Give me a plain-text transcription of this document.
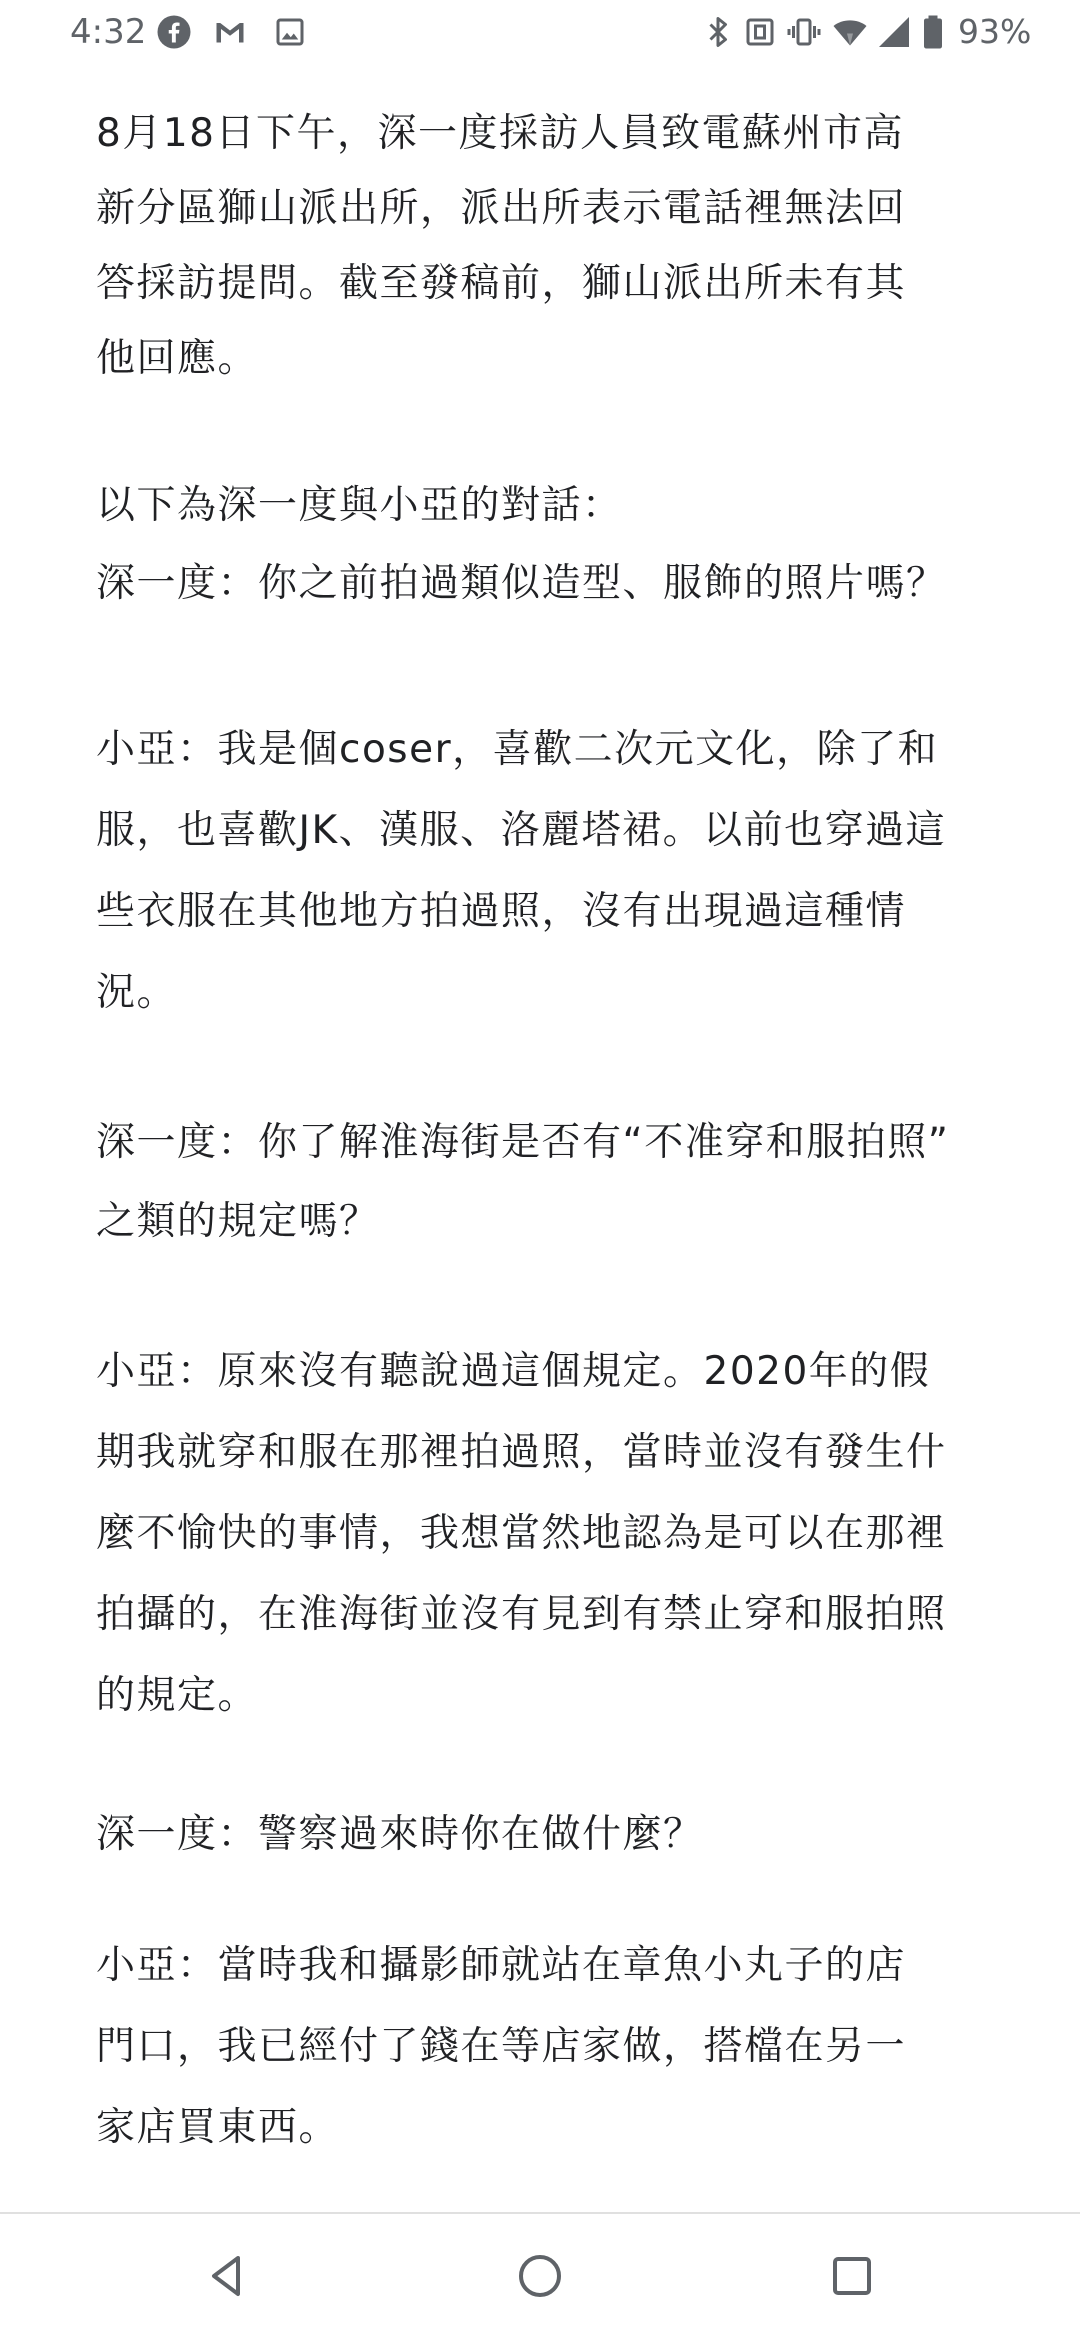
4:32	93%

8月18日下午，深一度採訪人員致電蘇州市高
新分區獅山派出所，派出所表示電話裡無法回
答採訪提問。截至發稿前，獅山派出所未有其
他回應。

以下為深一度與小亞的對話：
深一度：你之前拍過類似造型、服飾的照片嗎？

小亞：我是個coser，喜歡二次元文化，除了和
服，也喜歡JK、漢服、洛麗塔裙。以前也穿過這
些衣服在其他地方拍過照，沒有出現過這種情
況。

深一度：你了解淮海街是否有“不准穿和服拍照”
之類的規定嗎？

小亞：原來沒有聽說過這個規定。2020年的假
期我就穿和服在那裡拍過照，當時並沒有發生什
麼不愉快的事情，我想當然地認為是可以在那裡
拍攝的，在淮海街並沒有見到有禁止穿和服拍照
的規定。

深一度：警察過來時你在做什麼？

小亞：當時我和攝影師就站在章魚小丸子的店
門口，我已經付了錢在等店家做，搭檔在另一
家店買東西。
